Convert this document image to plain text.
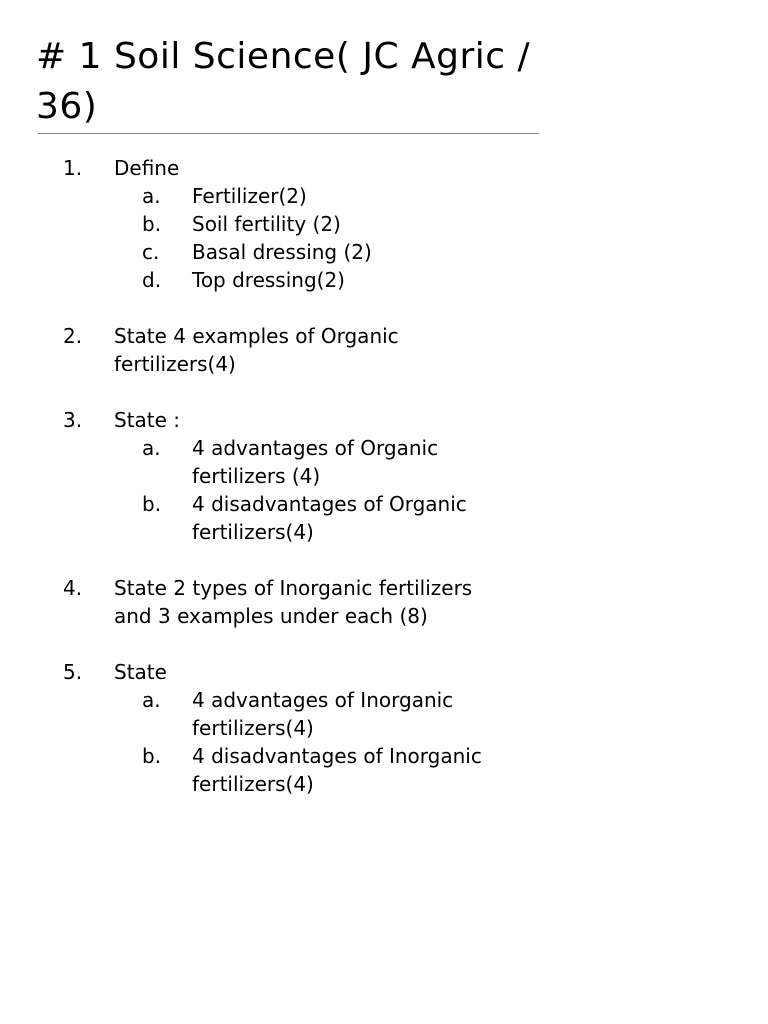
# 1 Soil Science( JC Agric / 36)
1. Define
a. Fertilizer(2)
b. Soil fertility (2)
c. Basal dressing (2)
d. Top dressing(2)
2. State 4 examples of Organic fertilizers(4)
3. State :
a. 4 advantages of Organic fertilizers (4)
b. 4 disadvantages of Organic fertilizers(4)
4. State 2 types of Inorganic fertilizers and 3 examples under each (8)
5. State
a. 4 advantages of Inorganic fertilizers(4)
b. 4 disadvantages of Inorganic fertilizers(4)
